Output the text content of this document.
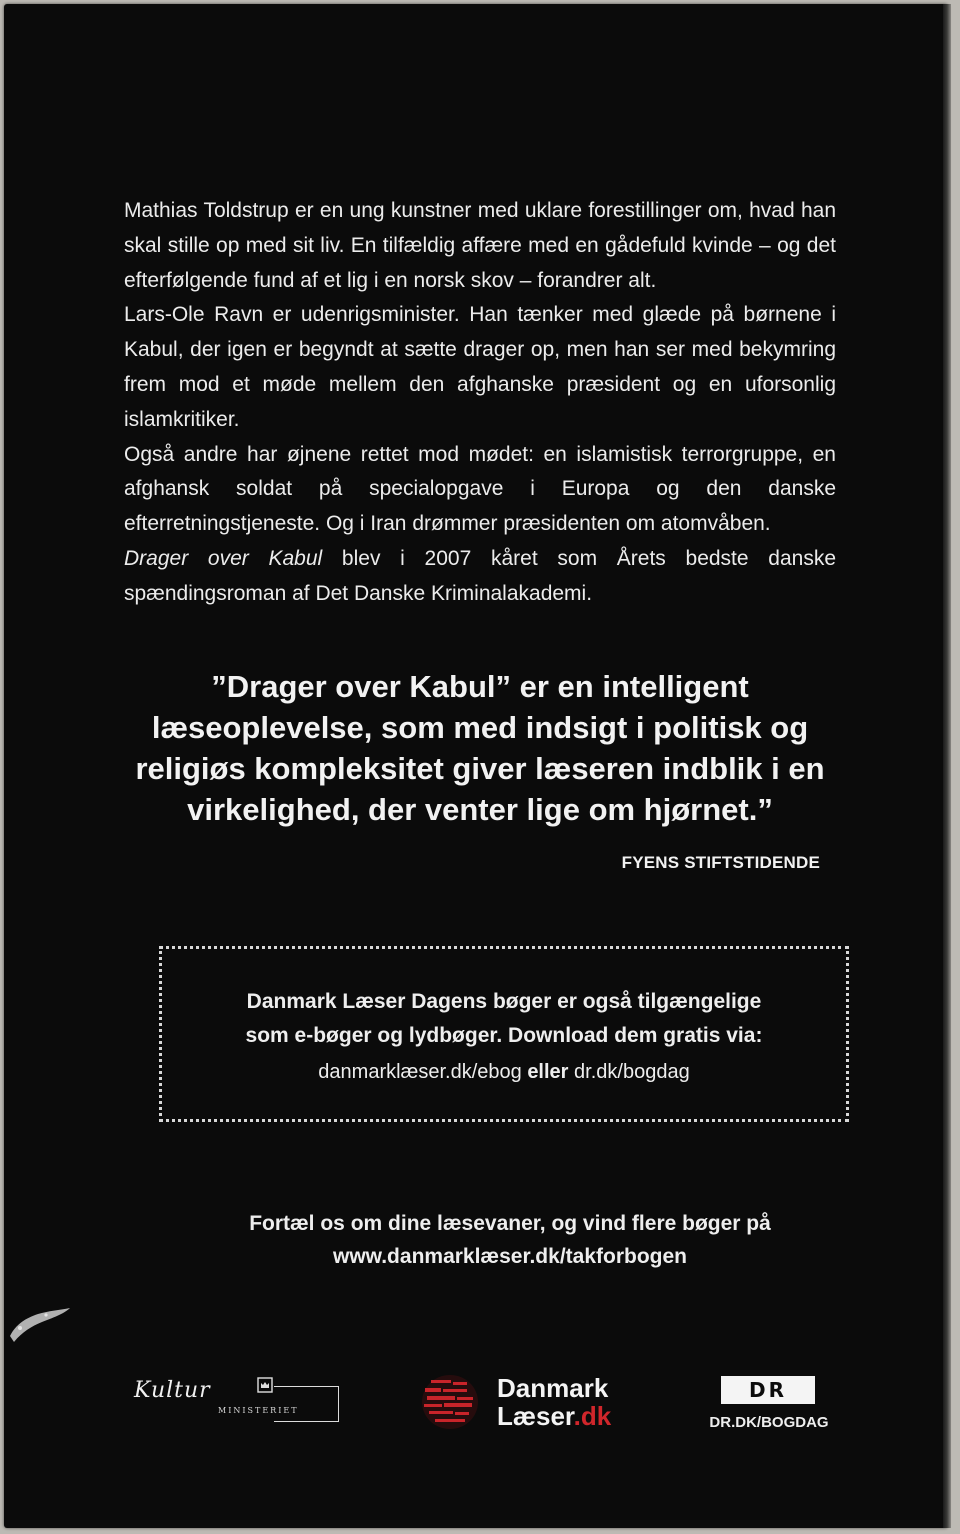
Mathias Toldstrup er en ung kunstner med uklare forestillinger om, hvad han skal stille op med sit liv. En tilfældig affære med en gådefuld kvinde – og det efterfølgende fund af et lig i en norsk skov – forandrer alt.

Lars-Ole Ravn er udenrigsminister. Han tænker med glæde på børnene i Kabul, der igen er begyndt at sætte drager op, men han ser med bekymring frem mod et møde mellem den afghanske præsident og en uforsonlig islamkritiker.

Også andre har øjnene rettet mod mødet: en islamistisk terrorgruppe, en afghansk soldat på specialopgave i Europa og den danske efterretningstjeneste. Og i Iran drømmer præsidenten om atomvåben.

Drager over Kabul blev i 2007 kåret som Årets bedste danske spændingsroman af Det Danske Kriminalakademi.

”Drager over Kabul” er en intelligent læseoplevelse, som med indsigt i politisk og religiøs kompleksitet giver læseren indblik i en virkelighed, der venter lige om hjørnet.”
FYENS STIFTSTIDENDE
Danmark Læser Dagens bøger er også tilgængelige
som e-bøger og lydbøger. Download dem gratis via:
danmarklæser.dk/ebog eller dr.dk/bogdag
Fortæl os om dine læsevaner, og vind flere bøger på
www.danmarklæser.dk/takforbogen
Kultur
MINISTERIET
Danmark
Læser.dk
DR
DR.DK/BOGDAG
